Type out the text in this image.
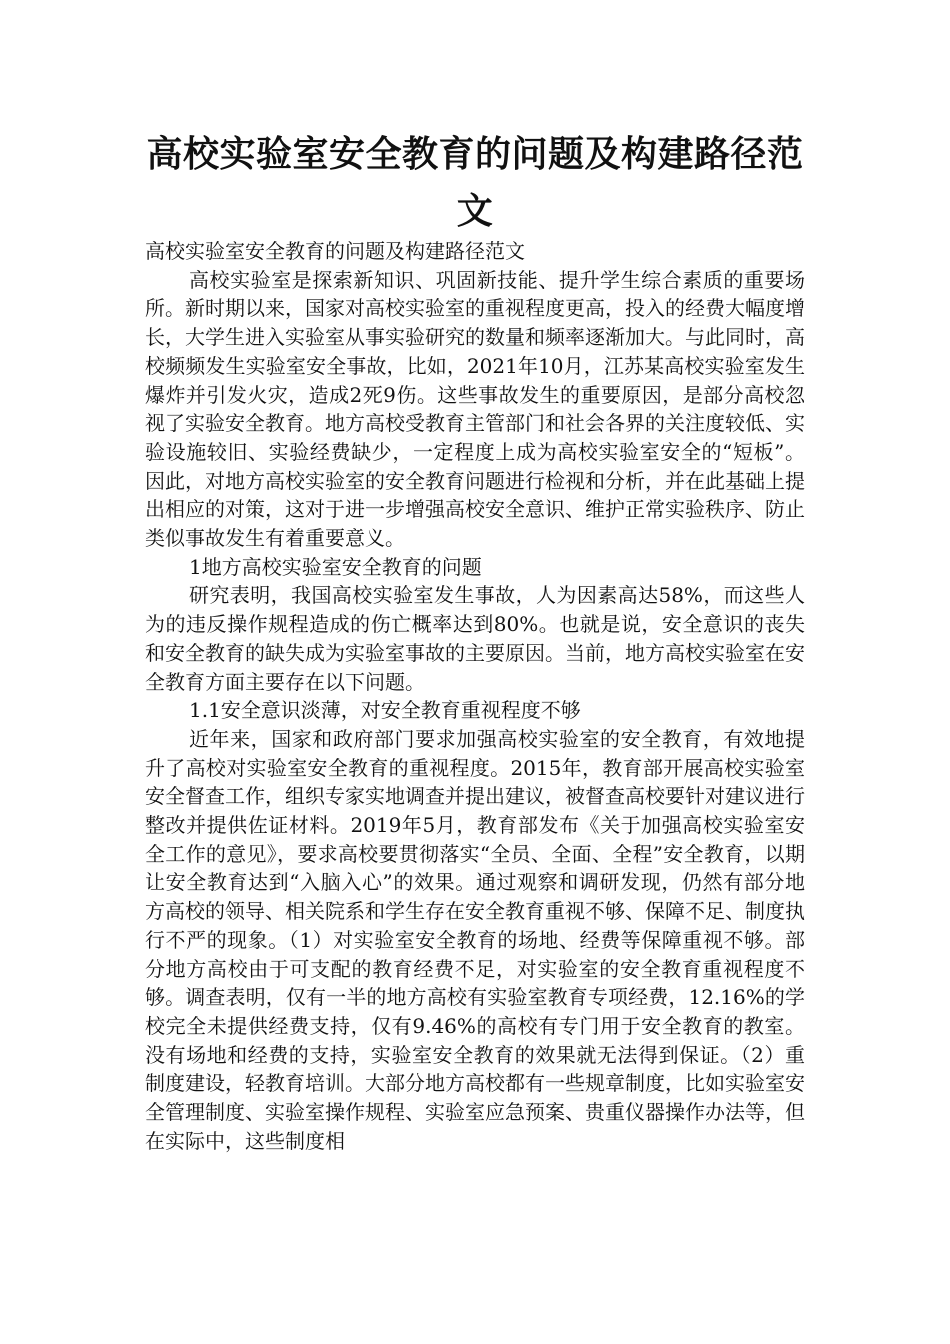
高校实验室安全教育的问题及构建路径范文

高校实验室安全教育的问题及构建路径范文

高校实验室是探索新知识、巩固新技能、提升学生综合素质的重要场所。新时期以来，国家对高校实验室的重视程度更高，投入的经费大幅度增长，大学生进入实验室从事实验研究的数量和频率逐渐加大。与此同时，高校频频发生实验室安全事故，比如，2021年10月，江苏某高校实验室发生爆炸并引发火灾，造成2死9伤。这些事故发生的重要原因，是部分高校忽视了实验安全教育。地方高校受教育主管部门和社会各界的关注度较低、实验设施较旧、实验经费缺少，一定程度上成为高校实验室安全的“短板”。因此，对地方高校实验室的安全教育问题进行检视和分析，并在此基础上提出相应的对策，这对于进一步增强高校安全意识、维护正常实验秩序、防止类似事故发生有着重要意义。

1地方高校实验室安全教育的问题

研究表明，我国高校实验室发生事故，人为因素高达58%，而这些人为的违反操作规程造成的伤亡概率达到80%。也就是说，安全意识的丧失和安全教育的缺失成为实验室事故的主要原因。当前，地方高校实验室在安全教育方面主要存在以下问题。

1.1安全意识淡薄，对安全教育重视程度不够

近年来，国家和政府部门要求加强高校实验室的安全教育，有效地提升了高校对实验室安全教育的重视程度。2015年，教育部开展高校实验室安全督查工作，组织专家实地调查并提出建议，被督查高校要针对建议进行整改并提供佐证材料。2019年5月，教育部发布《关于加强高校实验室安全工作的意见》，要求高校要贯彻落实“全员、全面、全程”安全教育，以期让安全教育达到“入脑入心”的效果。通过观察和调研发现，仍然有部分地方高校的领导、相关院系和学生存在安全教育重视不够、保障不足、制度执行不严的现象。（1）对实验室安全教育的场地、经费等保障重视不够。部分地方高校由于可支配的教育经费不足，对实验室的安全教育重视程度不够。调查表明，仅有一半的地方高校有实验室教育专项经费，12.16%的学校完全未提供经费支持，仅有9.46%的高校有专门用于安全教育的教室。没有场地和经费的支持，实验室安全教育的效果就无法得到保证。（2）重制度建设，轻教育培训。大部分地方高校都有一些规章制度，比如实验室安全管理制度、实验室操作规程、实验室应急预案、贵重仪器操作办法等，但在实际中，这些制度相
